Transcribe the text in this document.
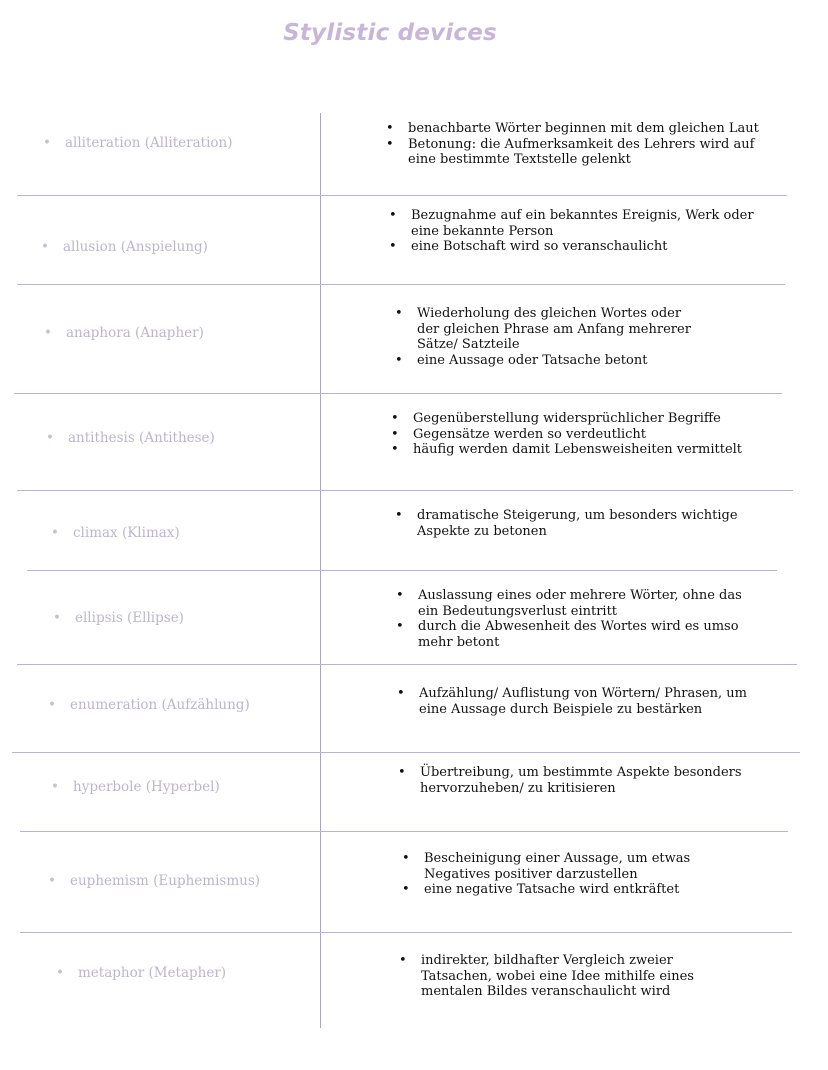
Stylistic devices
• alliteration (Alliteration)
• benachbarte Wörter beginnen mit dem gleichen Laut
• Betonung: die Aufmerksamkeit des Lehrers wird auf eine bestimmte Textstelle gelenkt
• allusion (Anspielung)
• Bezugnahme auf ein bekanntes Ereignis, Werk oder eine bekannte Person
• eine Botschaft wird so veranschaulicht
• anaphora (Anapher)
• Wiederholung des gleichen Wortes oder der gleichen Phrase am Anfang mehrerer Sätze/ Satzteile
• eine Aussage oder Tatsache betont
• antithesis (Antithese)
• Gegenüberstellung widersprüchlicher Begriffe
• Gegensätze werden so verdeutlicht
• häufig werden damit Lebensweisheiten vermittelt
• climax (Klimax)
• dramatische Steigerung, um besonders wichtige Aspekte zu betonen
• ellipsis (Ellipse)
• Auslassung eines oder mehrere Wörter, ohne das ein Bedeutungsverlust eintritt
• durch die Abwesenheit des Wortes wird es umso mehr betont
• enumeration (Aufzählung)
• Aufzählung/ Auflistung von Wörtern/ Phrasen, um eine Aussage durch Beispiele zu bestärken
• hyperbole (Hyperbel)
• Übertreibung, um bestimmte Aspekte besonders hervorzuheben/ zu kritisieren
• euphemism (Euphemismus)
• Bescheinigung einer Aussage, um etwas Negatives positiver darzustellen
• eine negative Tatsache wird entkräftet
• metaphor (Metapher)
• indirekter, bildhafter Vergleich zweier Tatsachen, wobei eine Idee mithilfe eines mentalen Bildes veranschaulicht wird
